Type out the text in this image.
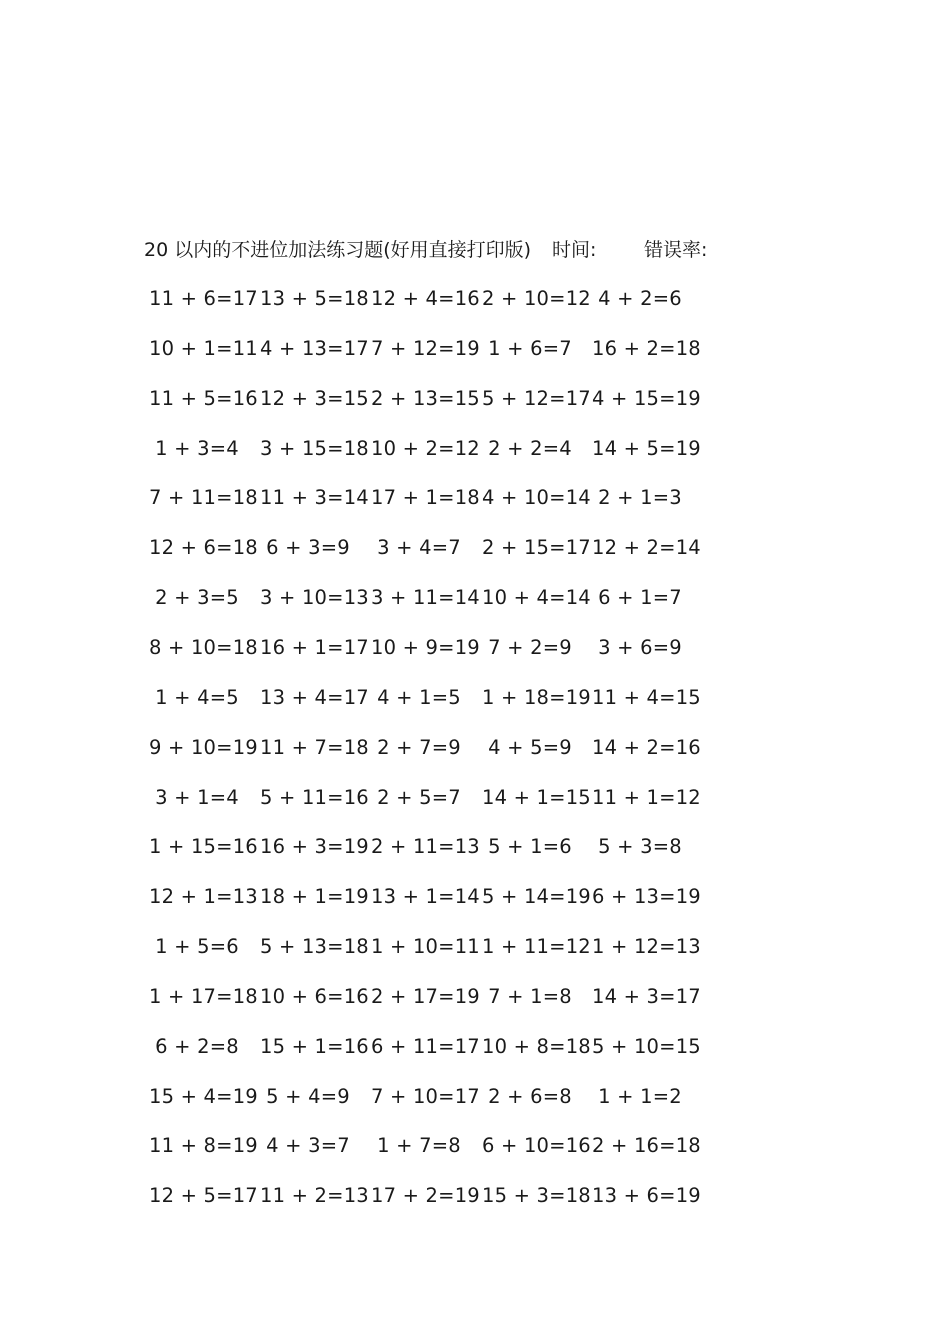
20 以内的不进位加法练习题(好用直接打印版) 时间:	错误率:
11 + 6=17 13 + 5=18 12 + 4=16 2 + 10=12 4 + 2=6
10 + 1=11 4 + 13=17 7 + 12=19 1 + 6=7	16 + 2=18
11 + 5=16 12 + 3=15 2 + 13=15 5 + 12=17 4 + 15=19
1 + 3=4	3 + 15=18 10 + 2=12 2 + 2=4	14 + 5=19
7 + 11=18 11 + 3=14 17 + 1=18 4 + 10=14 2 + 1=3
12 + 6=18 6 + 3=9	3 + 4=7	2 + 15=17 12 + 2=14
2 + 3=5	3 + 10=13 3 + 11=14 10 + 4=14 6 + 1=7
8 + 10=18 16 + 1=17 10 + 9=19 7 + 2=9	3 + 6=9
1 + 4=5	13 + 4=17 4 + 1=5	1 + 18=19 11 + 4=15
9 + 10=19 11 + 7=18 2 + 7=9	4 + 5=9	14 + 2=16
3 + 1=4	5 + 11=16 2 + 5=7	14 + 1=15 11 + 1=12
1 + 15=16 16 + 3=19 2 + 11=13 5 + 1=6	5 + 3=8
12 + 1=13 18 + 1=19 13 + 1=14 5 + 14=19 6 + 13=19
1 + 5=6	5 + 13=18 1 + 10=11 1 + 11=12 1 + 12=13
1 + 17=18 10 + 6=16 2 + 17=19 7 + 1=8	14 + 3=17
6 + 2=8	15 + 1=16 6 + 11=17 10 + 8=18 5 + 10=15
15 + 4=19 5 + 4=9	7 + 10=17 2 + 6=8	1 + 1=2
11 + 8=19 4 + 3=7	1 + 7=8	6 + 10=16 2 + 16=18
12 + 5=17 11 + 2=13 17 + 2=19 15 + 3=18 13 + 6=19
